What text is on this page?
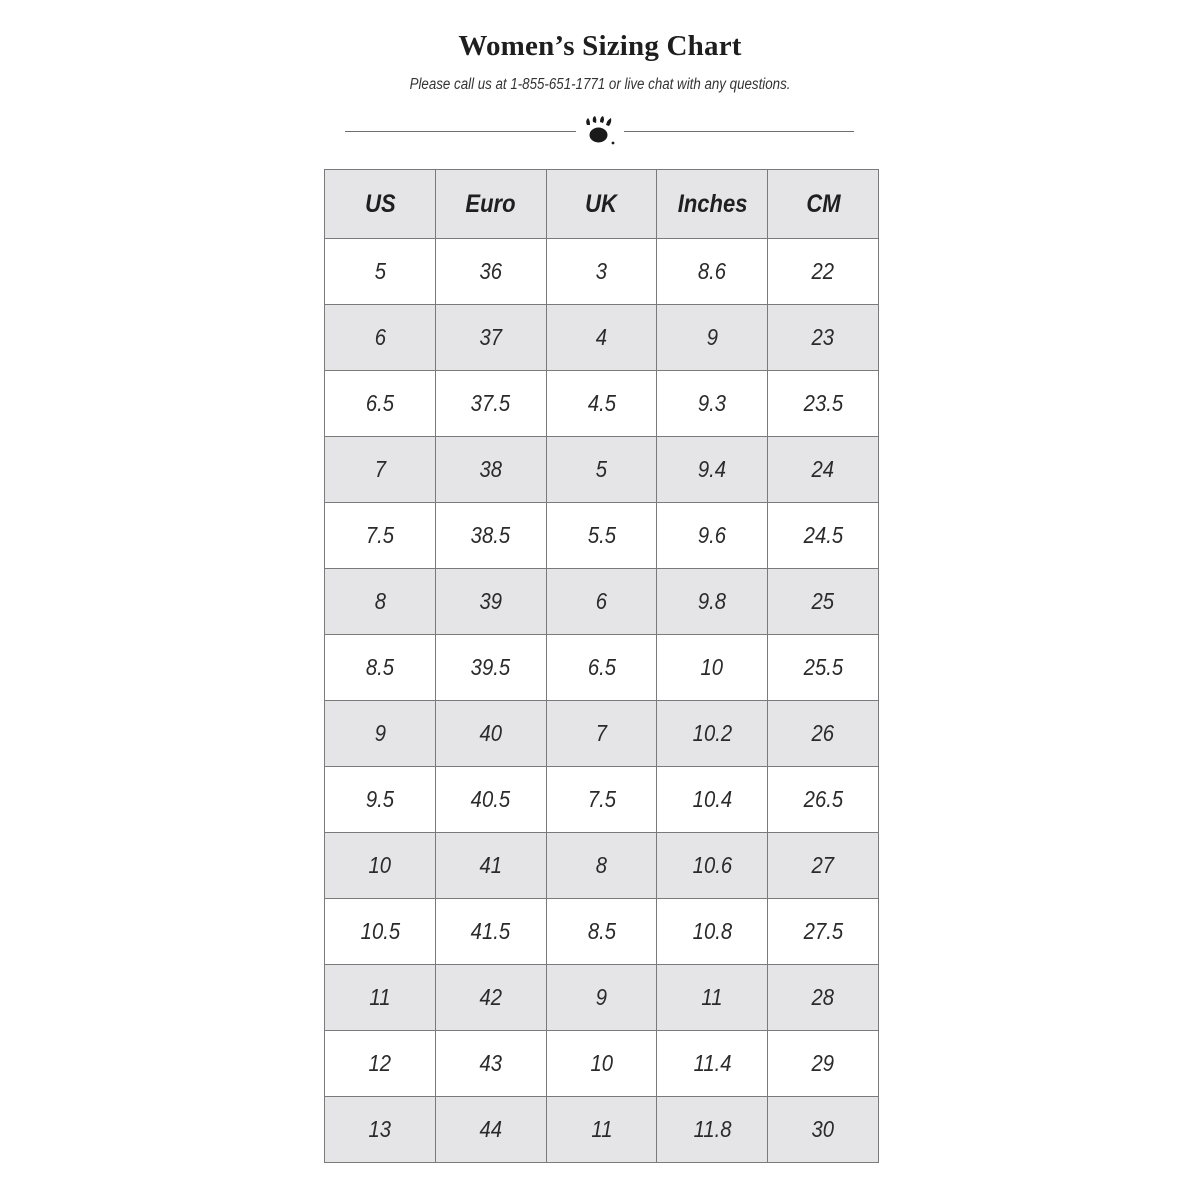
Women’s Sizing Chart
Please call us at 1-855-651-1771 or live chat with any questions.
US	Euro	UK	Inches	CM
5	36	3	8.6	22
6	37	4	9	23
6.5	37.5	4.5	9.3	23.5
7	38	5	9.4	24
7.5	38.5	5.5	9.6	24.5
8	39	6	9.8	25
8.5	39.5	6.5	10	25.5
9	40	7	10.2	26
9.5	40.5	7.5	10.4	26.5
10	41	8	10.6	27
10.5	41.5	8.5	10.8	27.5
11	42	9	11	28
12	43	10	11.4	29
13	44	11	11.8	30
